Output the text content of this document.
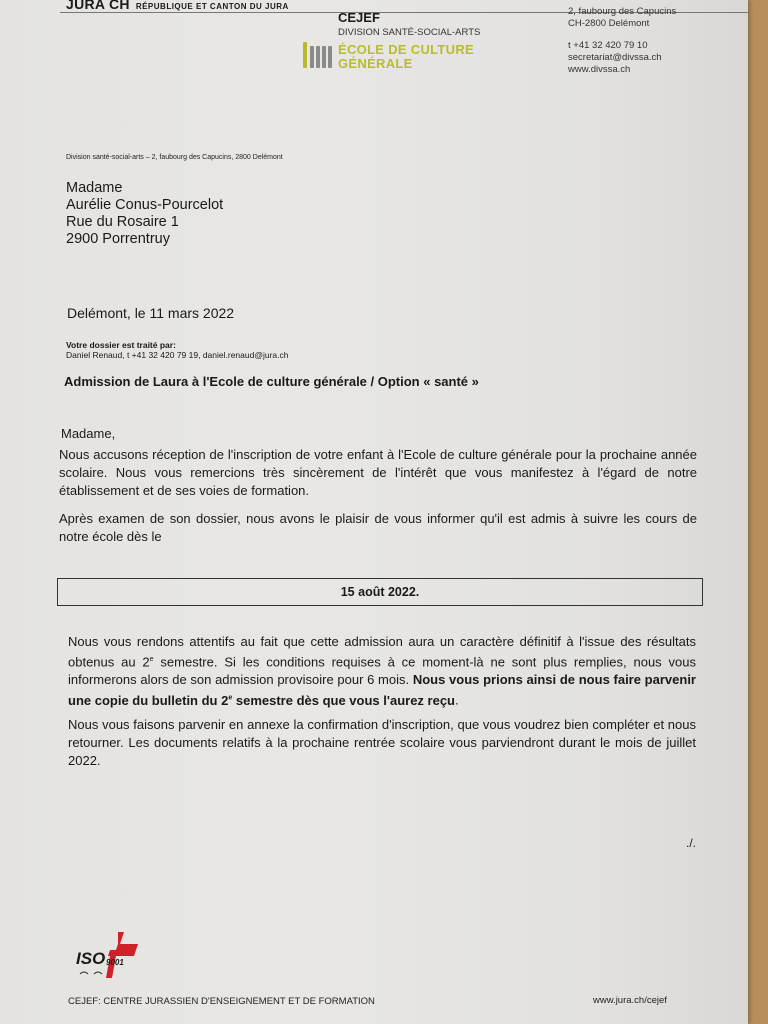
JURA CH RÉPUBLIQUE ET CANTON DU JURA
CEJEF
DIVISION SANTÉ-SOCIAL-ARTS
ÉCOLE DE CULTURE
GÉNÉRALE
2, faubourg des Capucins
CH-2800 Delémont
t +41 32 420 79 10
secretariat@divssa.ch
www.divssa.ch
Division santé-social-arts – 2, faubourg des Capucins, 2800 Delémont
Madame
Aurélie Conus-Pourcelot
Rue du Rosaire 1
2900 Porrentruy
Delémont, le 11 mars 2022
Votre dossier est traité par:
Daniel Renaud, t +41 32 420 79 19, daniel.renaud@jura.ch
Admission de Laura à l'Ecole de culture générale / Option « santé »
Madame,
Nous accusons réception de l'inscription de votre enfant à l'Ecole de culture générale pour la prochaine année scolaire. Nous vous remercions très sincèrement de l'intérêt que vous manifestez à l'égard de notre établissement et de ses voies de formation.
Après examen de son dossier, nous avons le plaisir de vous informer qu'il est admis à suivre les cours de notre école dès le
15 août 2022.
Nous vous rendons attentifs au fait que cette admission aura un caractère définitif à l'issue des résultats obtenus au 2e semestre. Si les conditions requises à ce moment-là ne sont plus remplies, nous vous informerons alors de son admission provisoire pour 6 mois. Nous vous prions ainsi de nous faire parvenir une copie du bulletin du 2e semestre dès que vous l'aurez reçu.
Nous vous faisons parvenir en annexe la confirmation d'inscription, que vous voudrez bien compléter et nous retourner. Les documents relatifs à la prochaine rentrée scolaire vous parviendront durant le mois de juillet 2022.
./.
ISO 9001
CEJEF: CENTRE JURASSIEN D'ENSEIGNEMENT ET DE FORMATION	www.jura.ch/cejef
